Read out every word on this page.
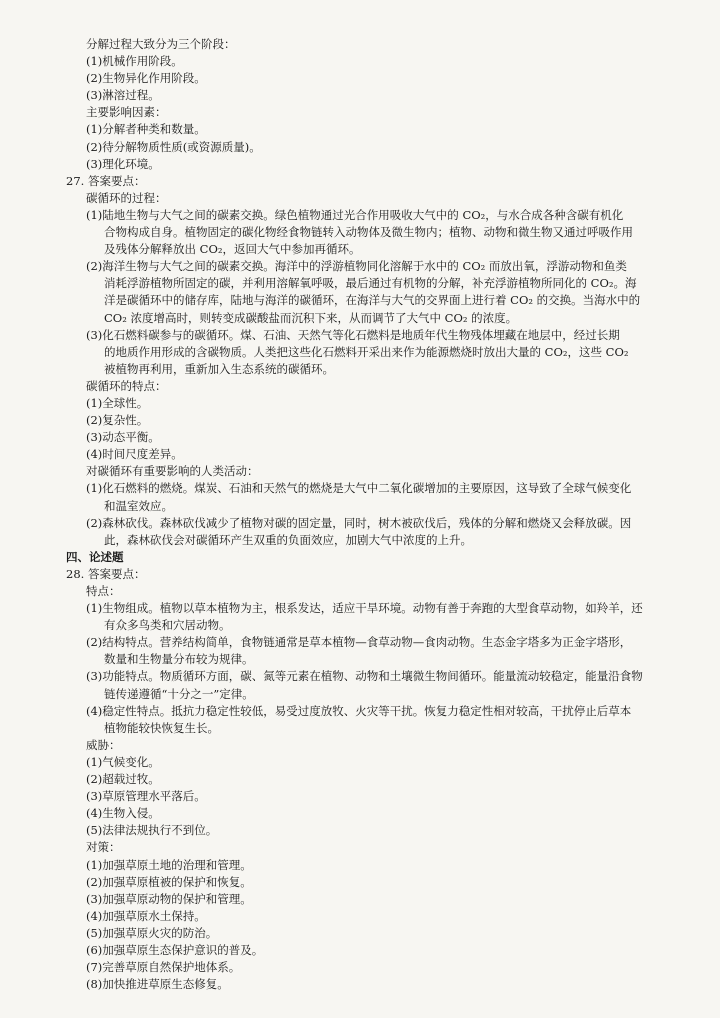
分解过程大致分为三个阶段：
(1)机械作用阶段。
(2)生物异化作用阶段。
(3)淋溶过程。
主要影响因素：
(1)分解者种类和数量。
(2)待分解物质性质(或资源质量)。
(3)理化环境。
27. 答案要点：
碳循环的过程：
(1)陆地生物与大气之间的碳素交换。绿色植物通过光合作用吸收大气中的 CO₂，与水合成各种含碳有机化
合物构成自身。植物固定的碳化物经食物链转入动物体及微生物内；植物、动物和微生物又通过呼吸作用
及残体分解释放出 CO₂，返回大气中参加再循环。
(2)海洋生物与大气之间的碳素交换。海洋中的浮游植物同化溶解于水中的 CO₂ 而放出氧，浮游动物和鱼类
消耗浮游植物所固定的碳，并利用溶解氧呼吸，最后通过有机物的分解，补充浮游植物所同化的 CO₂。海
洋是碳循环中的储存库，陆地与海洋的碳循环，在海洋与大气的交界面上进行着 CO₂ 的交换。当海水中的
CO₂ 浓度增高时，则转变成碳酸盐而沉积下来，从而调节了大气中 CO₂ 的浓度。
(3)化石燃料碳参与的碳循环。煤、石油、天然气等化石燃料是地质年代生物残体埋藏在地层中，经过长期
的地质作用形成的含碳物质。人类把这些化石燃料开采出来作为能源燃烧时放出大量的 CO₂，这些 CO₂
被植物再利用，重新加入生态系统的碳循环。
碳循环的特点：
(1)全球性。
(2)复杂性。
(3)动态平衡。
(4)时间尺度差异。
对碳循环有重要影响的人类活动：
(1)化石燃料的燃烧。煤炭、石油和天然气的燃烧是大气中二氧化碳增加的主要原因，这导致了全球气候变化
和温室效应。
(2)森林砍伐。森林砍伐减少了植物对碳的固定量，同时，树木被砍伐后，残体的分解和燃烧又会释放碳。因
此，森林砍伐会对碳循环产生双重的负面效应，加剧大气中浓度的上升。
四、论述题
28. 答案要点：
特点：
(1)生物组成。植物以草本植物为主，根系发达，适应干旱环境。动物有善于奔跑的大型食草动物，如羚羊，还
有众多鸟类和穴居动物。
(2)结构特点。营养结构简单，食物链通常是草本植物—食草动物—食肉动物。生态金字塔多为正金字塔形，
数量和生物量分布较为规律。
(3)功能特点。物质循环方面，碳、氮等元素在植物、动物和土壤微生物间循环。能量流动较稳定，能量沿食物
链传递遵循“十分之一”定律。
(4)稳定性特点。抵抗力稳定性较低，易受过度放牧、火灾等干扰。恢复力稳定性相对较高，干扰停止后草本
植物能较快恢复生长。
威胁：
(1)气候变化。
(2)超载过牧。
(3)草原管理水平落后。
(4)生物入侵。
(5)法律法规执行不到位。
对策：
(1)加强草原土地的治理和管理。
(2)加强草原植被的保护和恢复。
(3)加强草原动物的保护和管理。
(4)加强草原水土保持。
(5)加强草原火灾的防治。
(6)加强草原生态保护意识的普及。
(7)完善草原自然保护地体系。
(8)加快推进草原生态修复。
